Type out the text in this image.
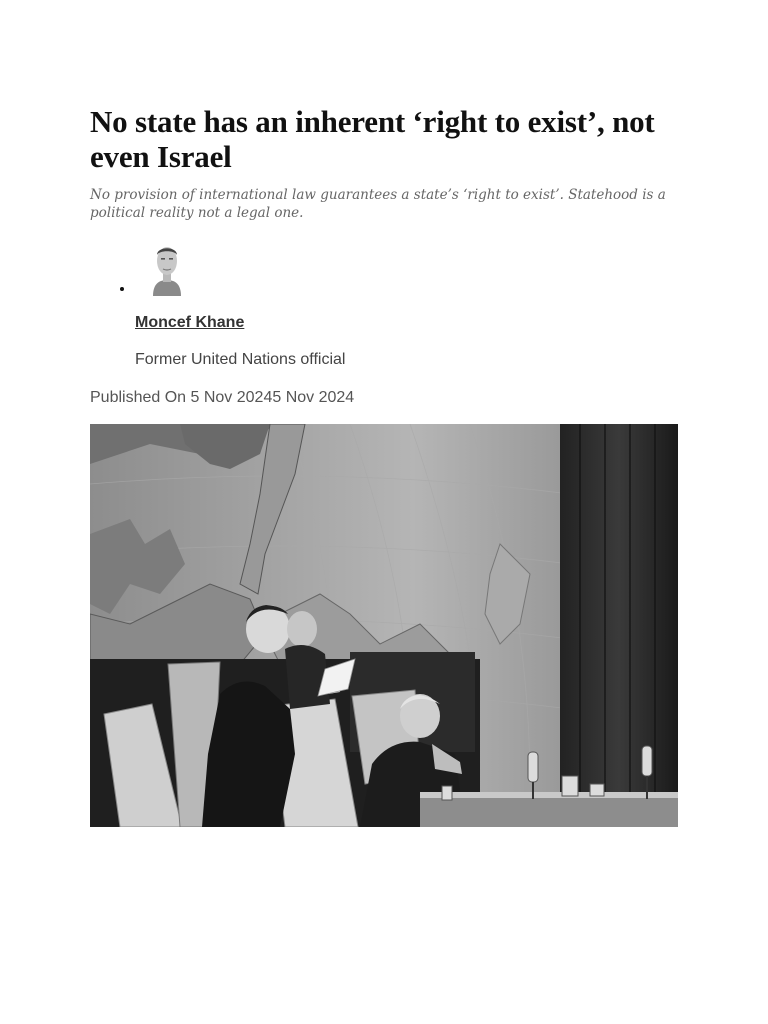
No state has an inherent ‘right to exist’, not even Israel

No provision of international law guarantees a state’s ‘right to exist’. Statehood is a political reality not a legal one.

•
Moncef Khane
Former United Nations official
Published On 5 Nov 20245 Nov 2024
